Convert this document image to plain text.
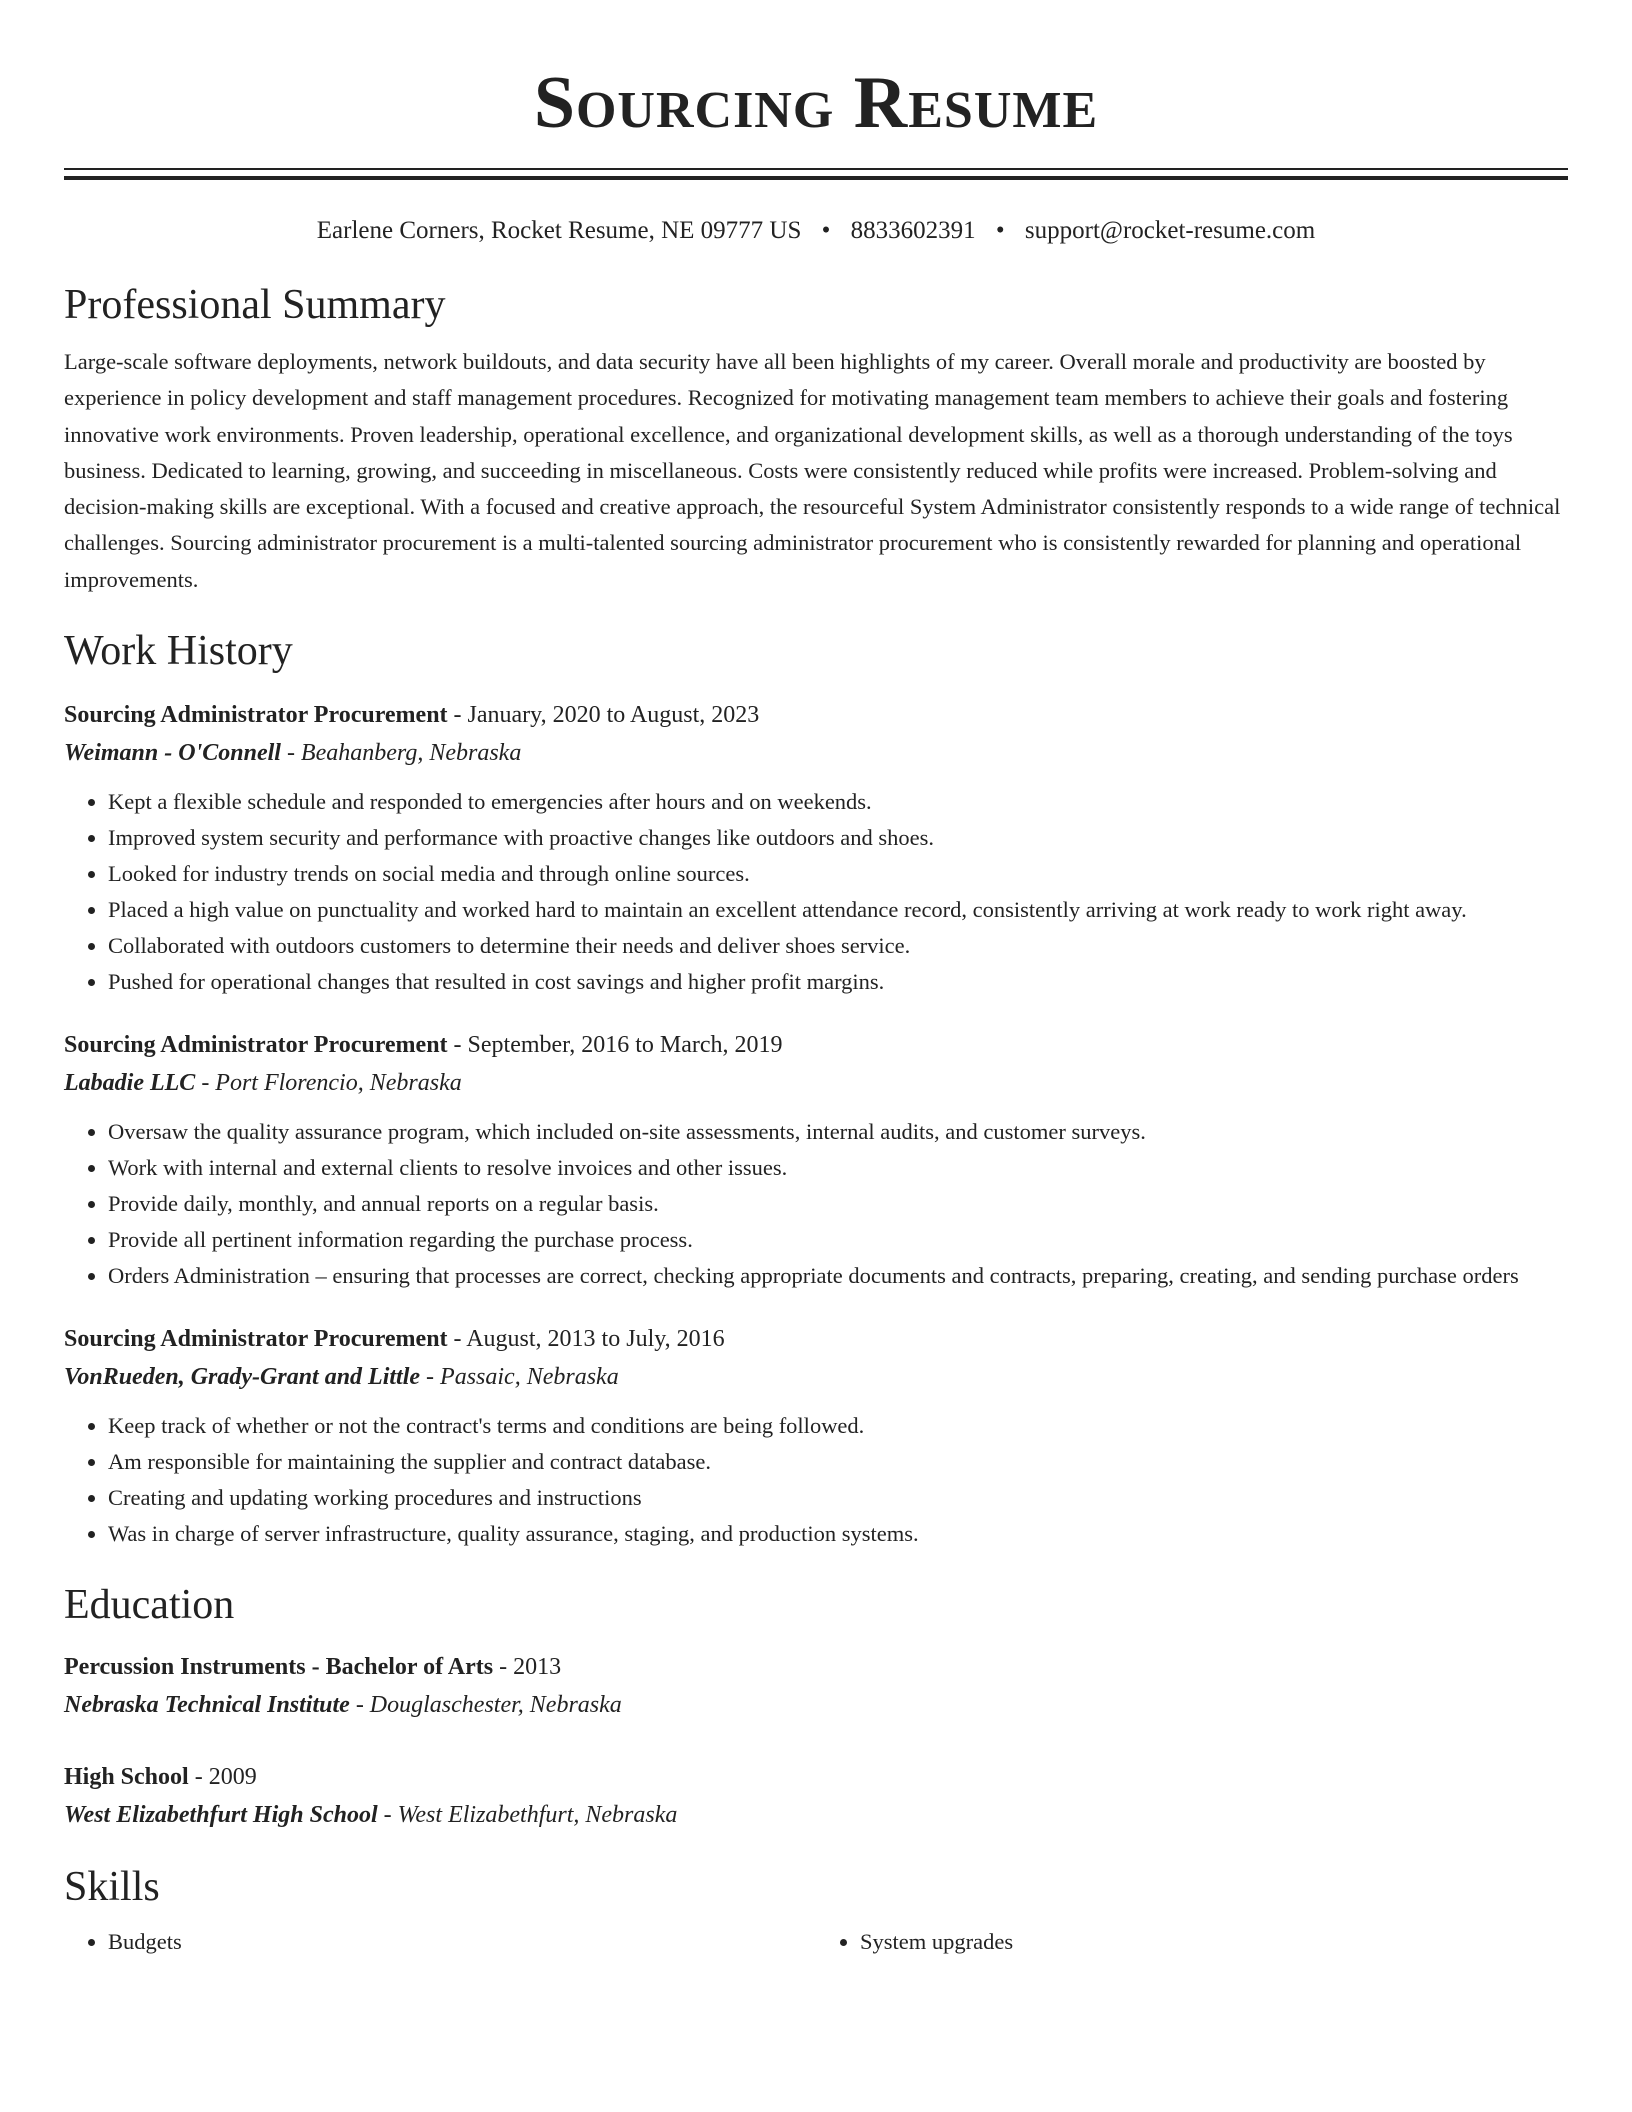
Sourcing Resume
Earlene Corners, Rocket Resume, NE 09777 US • 8833602391 • support@rocket-resume.com
Professional Summary
Large-scale software deployments, network buildouts, and data security have all been highlights of my career. Overall morale and productivity are boosted by experience in policy development and staff management procedures. Recognized for motivating management team members to achieve their goals and fostering innovative work environments. Proven leadership, operational excellence, and organizational development skills, as well as a thorough understanding of the toys business. Dedicated to learning, growing, and succeeding in miscellaneous. Costs were consistently reduced while profits were increased. Problem-solving and decision-making skills are exceptional. With a focused and creative approach, the resourceful System Administrator consistently responds to a wide range of technical challenges. Sourcing administrator procurement is a multi-talented sourcing administrator procurement who is consistently rewarded for planning and operational improvements.
Work History
Sourcing Administrator Procurement - January, 2020 to August, 2023
Weimann - O'Connell - Beahanberg, Nebraska
• Kept a flexible schedule and responded to emergencies after hours and on weekends.
• Improved system security and performance with proactive changes like outdoors and shoes.
• Looked for industry trends on social media and through online sources.
• Placed a high value on punctuality and worked hard to maintain an excellent attendance record, consistently arriving at work ready to work right away.
• Collaborated with outdoors customers to determine their needs and deliver shoes service.
• Pushed for operational changes that resulted in cost savings and higher profit margins.
Sourcing Administrator Procurement - September, 2016 to March, 2019
Labadie LLC - Port Florencio, Nebraska
• Oversaw the quality assurance program, which included on-site assessments, internal audits, and customer surveys.
• Work with internal and external clients to resolve invoices and other issues.
• Provide daily, monthly, and annual reports on a regular basis.
• Provide all pertinent information regarding the purchase process.
• Orders Administration – ensuring that processes are correct, checking appropriate documents and contracts, preparing, creating, and sending purchase orders
Sourcing Administrator Procurement - August, 2013 to July, 2016
VonRueden, Grady-Grant and Little - Passaic, Nebraska
• Keep track of whether or not the contract's terms and conditions are being followed.
• Am responsible for maintaining the supplier and contract database.
• Creating and updating working procedures and instructions
• Was in charge of server infrastructure, quality assurance, staging, and production systems.
Education
Percussion Instruments - Bachelor of Arts - 2013
Nebraska Technical Institute - Douglaschester, Nebraska
High School - 2009
West Elizabethfurt High School - West Elizabethfurt, Nebraska
Skills
• Budgets
•	System upgrades
